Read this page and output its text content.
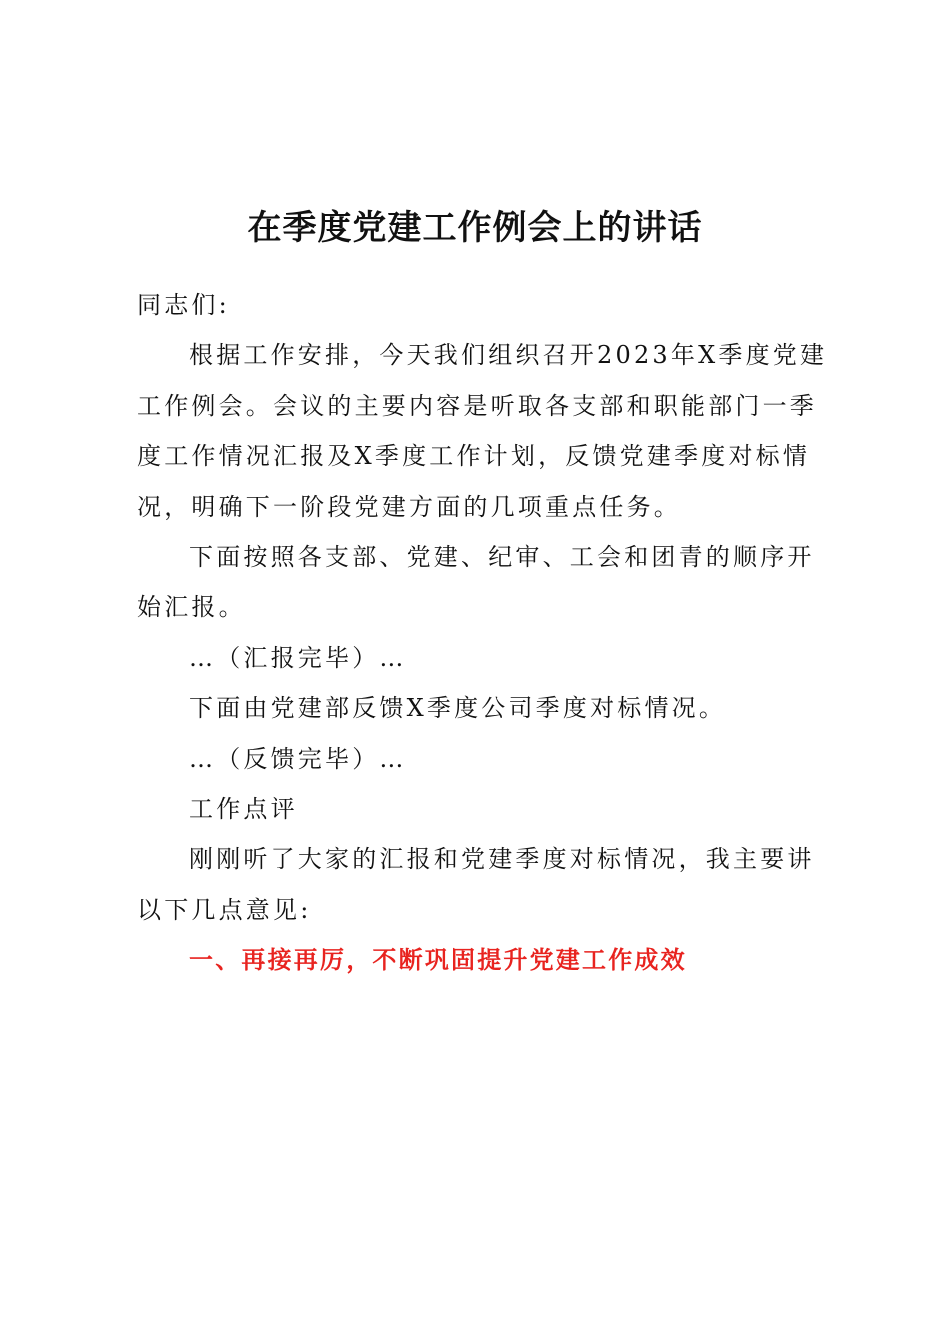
在季度党建工作例会上的讲话

同志们:

根据工作安排，今天我们组织召开2023年X季度党建工作例会。会议的主要内容是听取各支部和职能部门一季度工作情况汇报及X季度工作计划，反馈党建季度对标情况，明确下一阶段党建方面的几项重点任务。

下面按照各支部、党建、纪审、工会和团青的顺序开始汇报。

…（汇报完毕）…

下面由党建部反馈X季度公司季度对标情况。

…（反馈完毕）…

工作点评

刚刚听了大家的汇报和党建季度对标情况，我主要讲以下几点意见:

一、再接再厉，不断巩固提升党建工作成效
